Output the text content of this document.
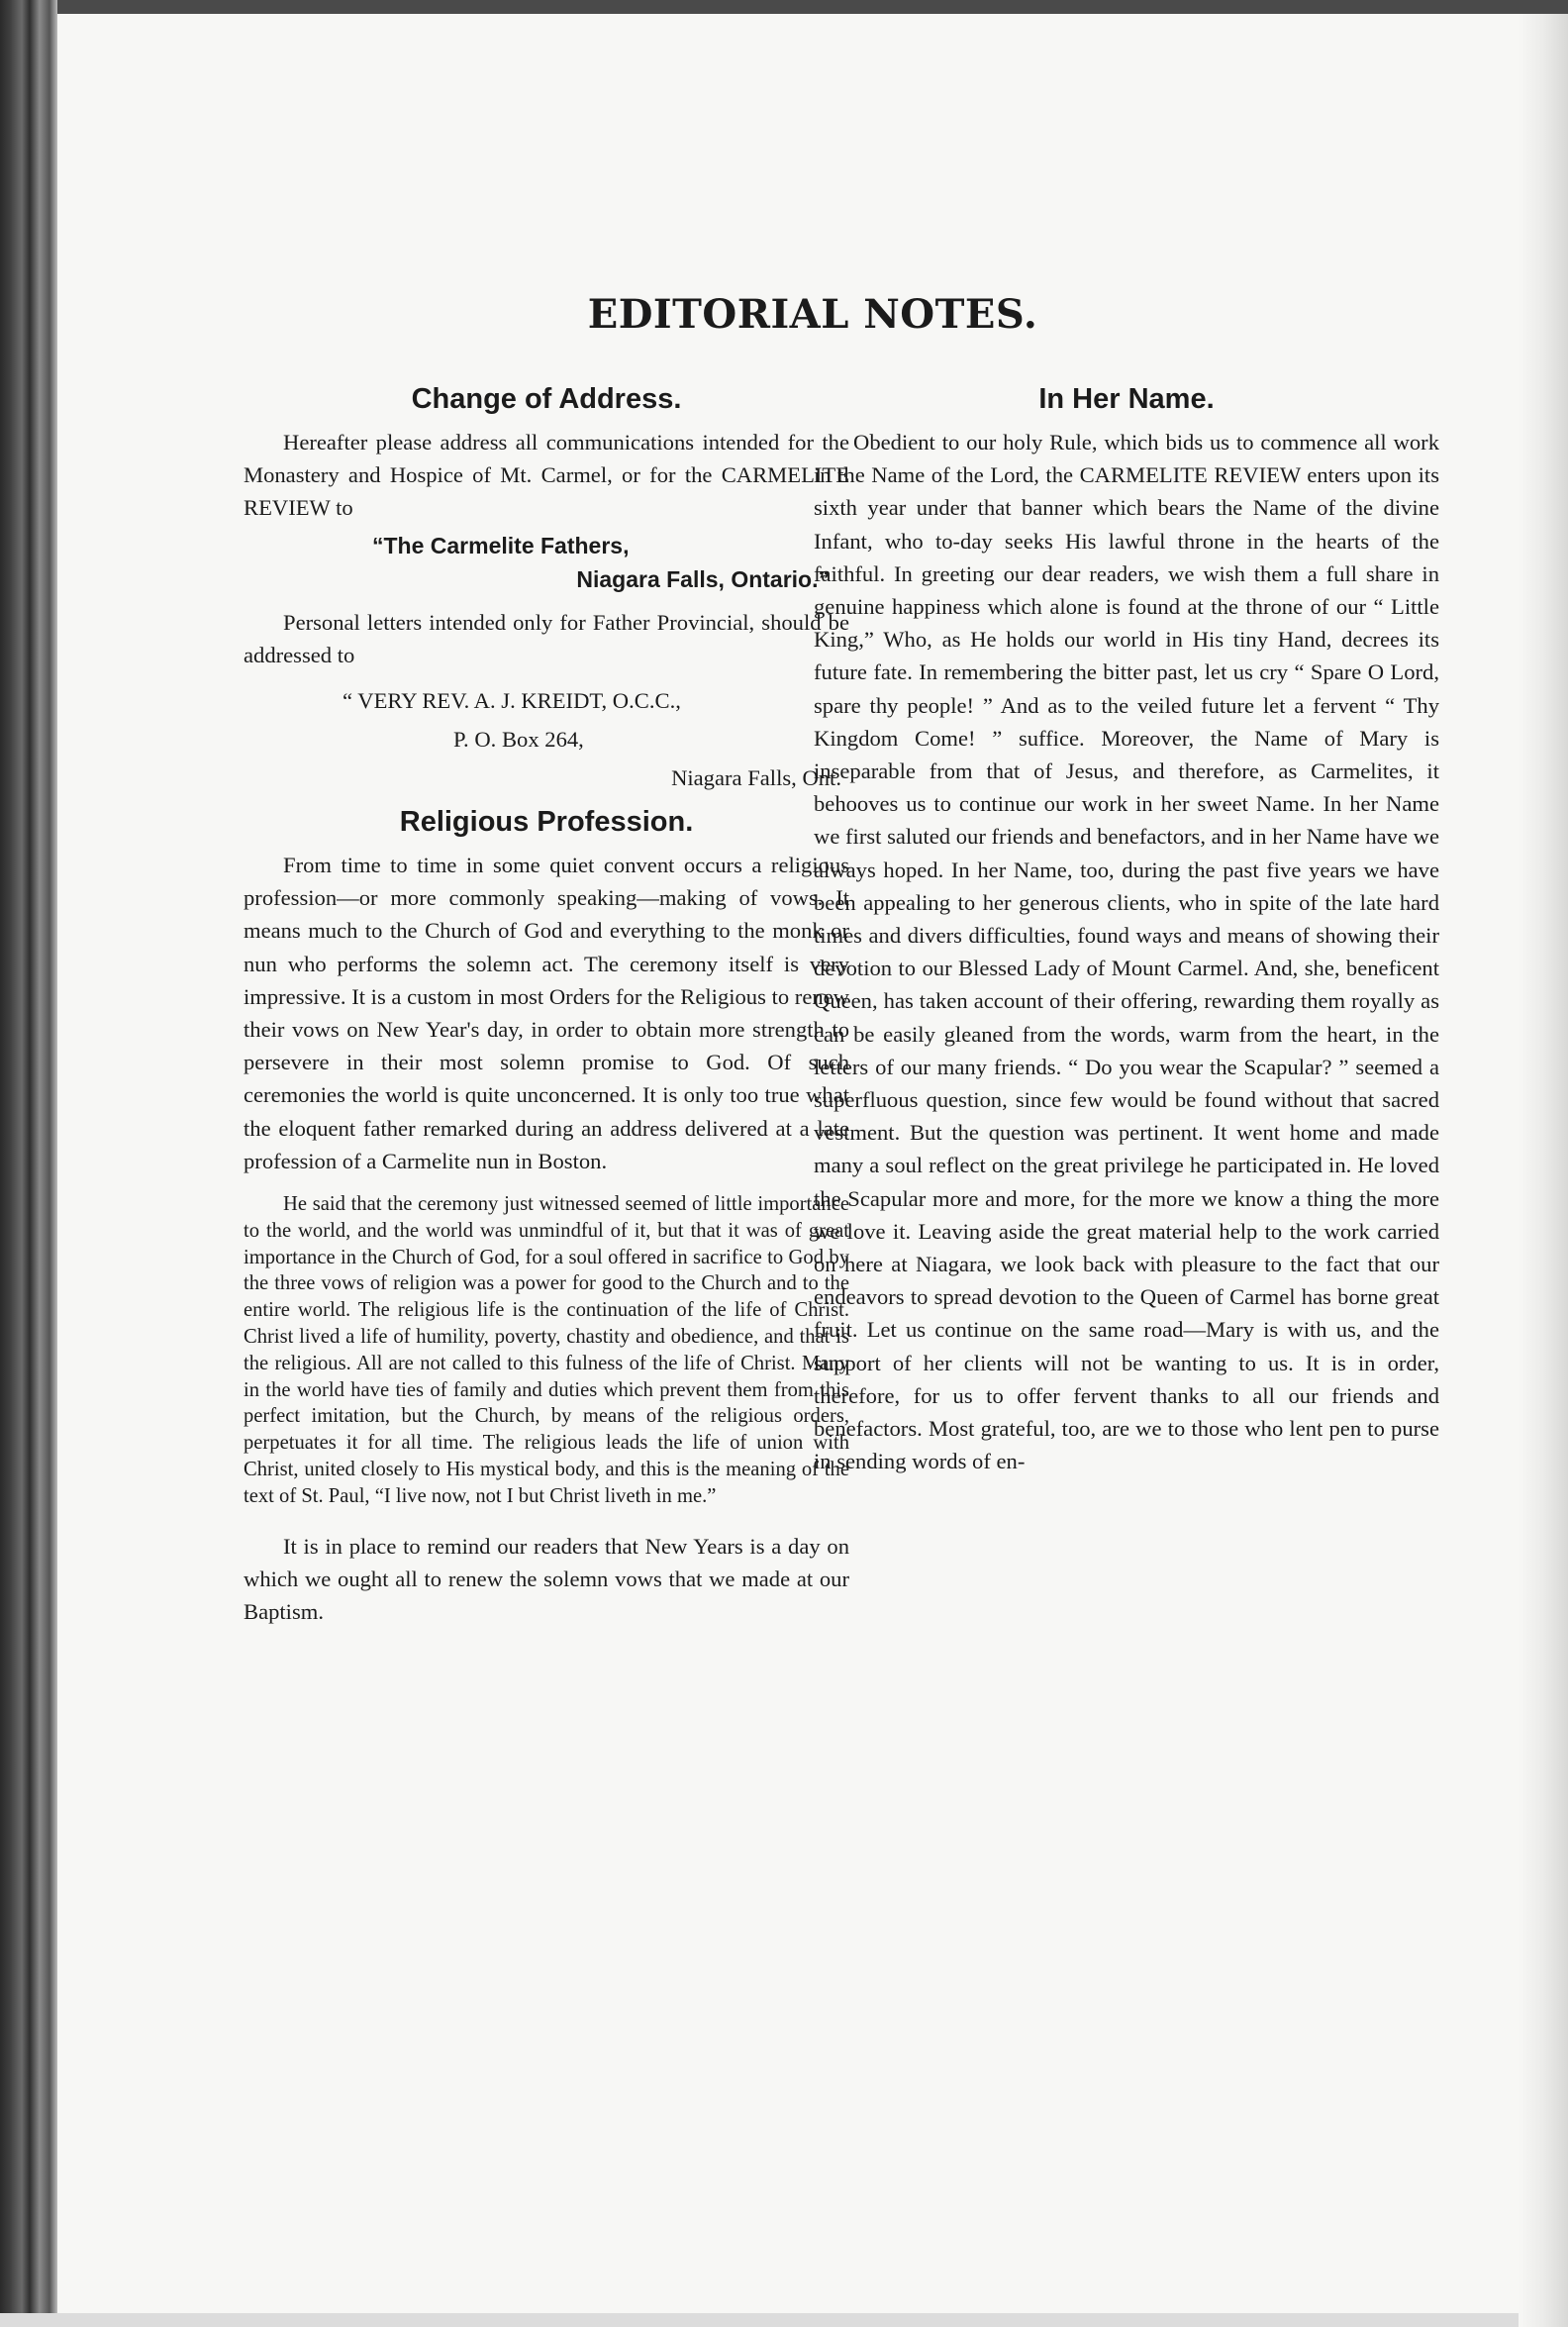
EDITORIAL NOTES.
Change of Address.

Hereafter please address all communications intended for the Monastery and Hospice of Mt. Carmel, or for the CARMELITE REVIEW to

“The Carmelite Fathers,
Niagara Falls, Ontario.”

Personal letters intended only for Father Provincial, should be addressed to

“ VERY REV. A. J. KREIDT, O.C.C.,
P. O. Box 264,
Niagara Falls, Ont.
Religious Profession.

From time to time in some quiet convent occurs a religious profession—or more commonly speaking—making of vows. It means much to the Church of God and everything to the monk or nun who performs the solemn act. The ceremony itself is very impressive. It is a custom in most Orders for the Religious to renew their vows on New Year's day, in order to obtain more strength to persevere in their most solemn promise to God. Of such ceremonies the world is quite unconcerned. It is only too true what the eloquent father remarked during an address delivered at a late profession of a Carmelite nun in Boston.

He said that the ceremony just witnessed seemed of little importance to the world, and the world was unmindful of it, but that it was of great importance in the Church of God, for a soul offered in sacrifice to God by the three vows of religion was a power for good to the Church and to the entire world. The religious life is the continuation of the life of Christ. Christ lived a life of humility, poverty, chastity and obedience, and that is the religious. All are not called to this fulness of the life of Christ. Many in the world have ties of family and duties which prevent them from this perfect imitation, but the Church, by means of the religious orders, perpetuates it for all time. The religious leads the life of union with Christ, united closely to His mystical body, and this is the meaning of the text of St. Paul, “I live now, not I but Christ liveth in me.”

It is in place to remind our readers that New Years is a day on which we ought all to renew the solemn vows that we made at our Baptism.

In Her Name.

Obedient to our holy Rule, which bids us to commence all work in the Name of the Lord, the CARMELITE REVIEW enters upon its sixth year under that banner which bears the Name of the divine Infant, who to-day seeks His lawful throne in the hearts of the faithful. In greeting our dear readers, we wish them a full share in genuine happiness which alone is found at the throne of our “ Little King,” Who, as He holds our world in His tiny Hand, decrees its future fate. In remembering the bitter past, let us cry “ Spare O Lord, spare thy people! ” And as to the veiled future let a fervent “ Thy Kingdom Come! ” suffice. Moreover, the Name of Mary is inseparable from that of Jesus, and therefore, as Carmelites, it behooves us to continue our work in her sweet Name. In her Name we first saluted our friends and benefactors, and in her Name have we always hoped. In her Name, too, during the past five years we have been appealing to her generous clients, who in spite of the late hard times and divers difficulties, found ways and means of showing their devotion to our Blessed Lady of Mount Carmel. And, she, beneficent Queen, has taken account of their offering, rewarding them royally as can be easily gleaned from the words, warm from the heart, in the letters of our many friends. “ Do you wear the Scapular? ” seemed a superfluous question, since few would be found without that sacred vestment. But the question was pertinent. It went home and made many a soul reflect on the great privilege he participated in. He loved the Scapular more and more, for the more we know a thing the more we love it. Leaving aside the great material help to the work carried on here at Niagara, we look back with pleasure to the fact that our endeavors to spread devotion to the Queen of Carmel has borne great fruit. Let us continue on the same road—Mary is with us, and the support of her clients will not be wanting to us. It is in order, therefore, for us to offer fervent thanks to all our friends and benefactors. Most grateful, too, are we to those who lent pen to purse in sending words of en-
